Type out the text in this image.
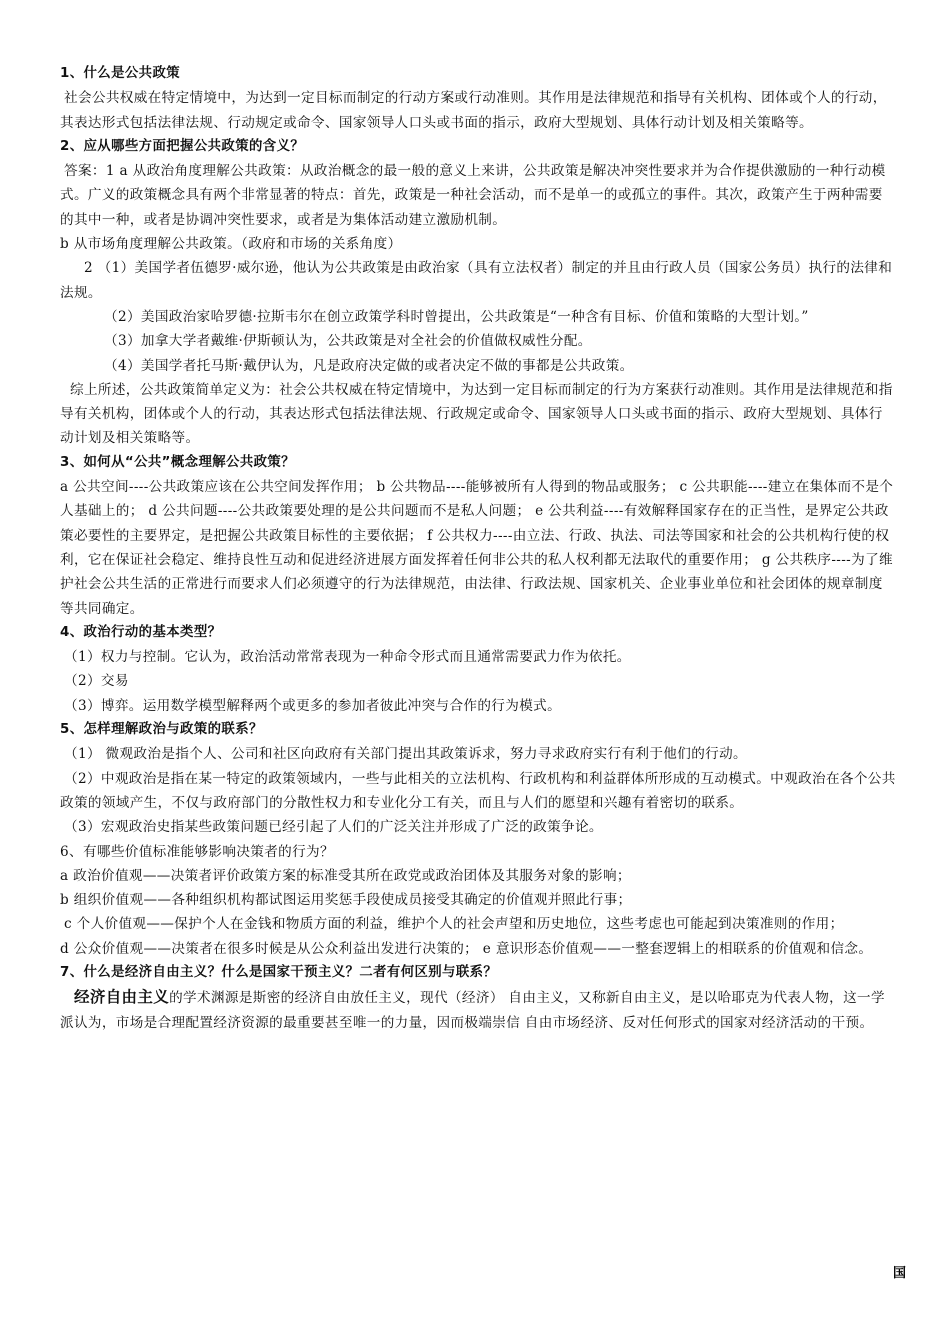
1、什么是公共政策

社会公共权威在特定情境中，为达到一定目标而制定的行动方案或行动准则。其作用是法律规范和指导有关机构、团体或个人的行动，其表达形式包括法律法规、行动规定或命令、国家领导人口头或书面的指示，政府大型规划、具体行动计划及相关策略等。

2、应从哪些方面把握公共政策的含义？

答案：1 a 从政治角度理解公共政策：从政治概念的最一般的意义上来讲，公共政策是解决冲突性要求并为合作提供激励的一种行动模式。广义的政策概念具有两个非常显著的特点：首先，政策是一种社会活动，而不是单一的或孤立的事件。其次，政策产生于两种需要的其中一种，或者是协调冲突性要求，或者是为集体活动建立激励机制。

b 从市场角度理解公共政策。（政府和市场的关系角度）

2 （1）美国学者伍德罗·威尔逊，他认为公共政策是由政治家（具有立法权者）制定的并且由行政人员（国家公务员）执行的法律和法规。

（2）美国政治家哈罗德·拉斯韦尔在创立政策学科时曾提出，公共政策是“一种含有目标、价值和策略的大型计划。”

（3）加拿大学者戴维·伊斯顿认为，公共政策是对全社会的价值做权威性分配。

（4）美国学者托马斯·戴伊认为，凡是政府决定做的或者决定不做的事都是公共政策。

综上所述，公共政策简单定义为：社会公共权威在特定情境中，为达到一定目标而制定的行为方案获行动准则。其作用是法律规范和指导有关机构，团体或个人的行动，其表达形式包括法律法规、行政规定或命令、国家领导人口头或书面的指示、政府大型规划、具体行动计划及相关策略等。

3、如何从“公共”概念理解公共政策？

a 公共空间----公共政策应该在公共空间发挥作用； b 公共物品----能够被所有人得到的物品或服务； c 公共职能----建立在集体而不是个人基础上的； d 公共问题----公共政策要处理的是公共问题而不是私人问题； e 公共利益----有效解释国家存在的正当性，是界定公共政策必要性的主要界定，是把握公共政策目标性的主要依据； f 公共权力----由立法、行政、执法、司法等国家和社会的公共机构行使的权利，它在保证社会稳定、维持良性互动和促进经济进展方面发挥着任何非公共的私人权利都无法取代的重要作用； g 公共秩序----为了维护社会公共生活的正常进行而要求人们必须遵守的行为法律规范，由法律、行政法规、国家机关、企业事业单位和社会团体的规章制度等共同确定。

4、政治行动的基本类型？

（1）权力与控制。它认为，政治活动常常表现为一种命令形式而且通常需要武力作为依托。

（2）交易

（3）博弈。运用数学模型解释两个或更多的参加者彼此冲突与合作的行为模式。

5、怎样理解政治与政策的联系？

（1） 微观政治是指个人、公司和社区向政府有关部门提出其政策诉求，努力寻求政府实行有利于他们的行动。

（2）中观政治是指在某一特定的政策领域内，一些与此相关的立法机构、行政机构和利益群体所形成的互动模式。中观政治在各个公共政策的领域产生，不仅与政府部门的分散性权力和专业化分工有关，而且与人们的愿望和兴趣有着密切的联系。

（3）宏观政治史指某些政策问题已经引起了人们的广泛关注并形成了广泛的政策争论。

6、有哪些价值标准能够影响决策者的行为？

a 政治价值观——决策者评价政策方案的标准受其所在政党或政治团体及其服务对象的影响；

b 组织价值观——各种组织机构都试图运用奖惩手段使成员接受其确定的价值观并照此行事；

c 个人价值观——保护个人在金钱和物质方面的利益，维护个人的社会声望和历史地位，这些考虑也可能起到决策准则的作用；

d 公众价值观——决策者在很多时候是从公众利益出发进行决策的； e 意识形态价值观——一整套逻辑上的相联系的价值观和信念。

7、什么是经济自由主义？什么是国家干预主义？二者有何区别与联系？

经济自由主义的学术渊源是斯密的经济自由放任主义，现代（经济） 自由主义，又称新自由主义，是以哈耶克为代表人物，这一学派认为，市场是合理配置经济资源的最重要甚至唯一的力量，因而极端崇信 自由市场经济、反对任何形式的国家对经济活动的干预。

国
